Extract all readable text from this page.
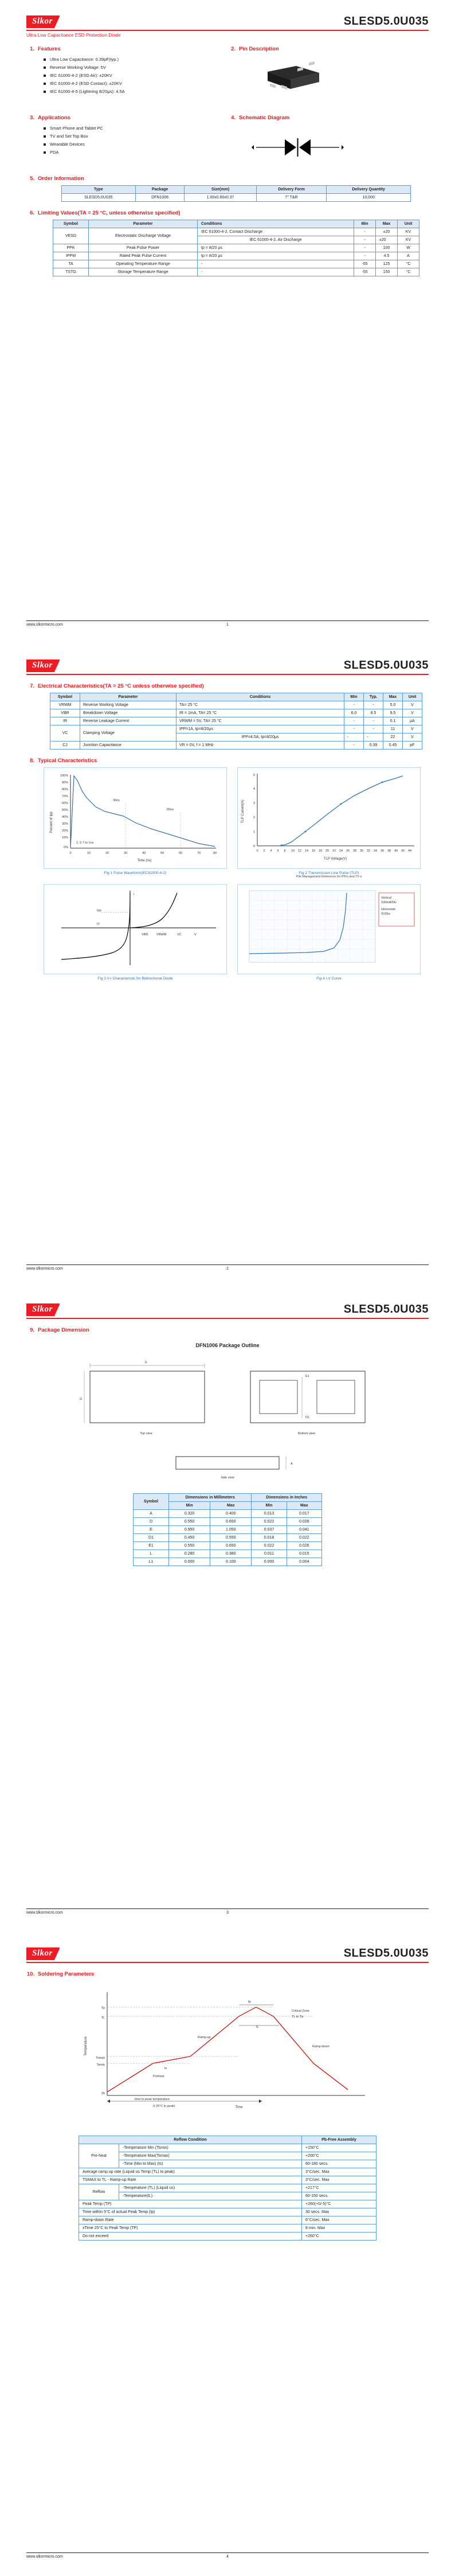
Slkor	SLESD5.0U035
Ultra Low Capacitance ESD Protection Diode
1. Features
Ultra Low Capacitance: 0.39pF(typ.)
Reverse Working Voltage: 5V
IEC 61000-4-2 (ESD Air): ±20KV
IEC 61000-4-2 (ESD Contact): ±20KV
IEC 61000-4-5 (Lightning 8/20μs): 4.5A
2. Pin Description
3. Applications
Smart Phone and Tablet PC
TV and Set Top Box
Wearable Devices
PDA
4. Schematic Diagram
5. Order Information
Type	Package	Size(mm)	Delivery Form	Delivery Quantity
SLESD5.0U035	DFN1006	1.00x0.60x0.37	7" T&R	10,000
6. Limiting Values(TA = 25 °C, unless otherwise specified)
Symbol	Parameter	Conditions	Min	Max	Unit
VESD	Electrostatic Discharge Voltage	IEC 61000-4-2, Contact Discharge	-	±20	KV
		IEC 61000-4-2, Air Discharge	-	±20	KV
PPK	Peak Pulse Power	tp = 8/20 μs	-	100	W
IPPM	Rated Peak Pulse Current	tp = 8/20 μs	-	4.5	A
TA	Operating Temperature Range	-	-55	125	°C
TSTG	Storage Temperature Range	-	-55	150	°C
www.slkormicro.com	1
Slkor	SLESD5.0U035
7. Electrical Characteristics(TA = 25 °C unless otherwise specified)
Symbol	Parameter	Conditions	Min	Typ.	Max	Unit
VRWM	Reverse Working Voltage	TA= 25 °C	-	-	5.0	V
VBR	Breakdown Voltage	IR = 1mA, TA= 25 °C	6.0	8.5	9.5	V
IR	Reverse Leakage Current	VRWM = 5V, TA= 25 °C	-	-	0.1	μA
VC	Clamping Voltage	IPP=1A, tp=8/20μs	-	-	11	V
		IPP=4.5A, tp=8/20μs	-	-	22	V
CJ	Junction Capacitance	VR = 0V, f = 1 MHz	-	0.39	0.45	pF
8. Typical Characteristics
100%
90%
80%
70%
60%
50%
40%
30%
20%
10%
0%
0	10	20	30	40	50	60	70	80
Time (ns)
Percent of Ipp
30ns
60ns
1, 0.7 to 1ns
Fig 1 Pulse Waveform(IEC61000-4-2)
5
4
3
2
1
0
0 2 4 6 8 10 12 14 16 18 20 22 24 26 28 30 32 34 36 38 40 42 44
TLP Voltage(V)
TLP Current(A)
Fig 2 Transmission Line Pulse (TLP)
Pile Management Reference for PPm and TV-s
Ipp
IT
VBR	VRWM	VC	V
I
Fig 3 V-I Characteristic for Bidirectional Diode
Vertical
100mA/Div
Horizontal
2V/Div
Fig 4 I-V Curve
www.slkormicro.com	2
Slkor	SLESD5.0U035
9. Package Dimension
DFN1006 Package Outline
E
D
Top view
E1
D1
Bottom view
A
Side view
Symbol	Dimensions in Millimeters		Dimensions in Inches	
	Min	Max	Min	Max
A	0.320	0.400	0.013	0.017
D	0.550	0.650	0.022	0.026
E	0.950	1.050	0.037	0.041
D1	0.450	0.550	0.018	0.022
E1	0.550	0.650	0.022	0.026
L	0.280	0.380	0.011	0.015
L1	0.000	0.100	0.000	0.004
www.slkormicro.com	3
Slkor	SLESD5.0U035
10. Soldering Parameters
Temperature
Time
Tp
TL
Tsmax
Tsmin
25
tp
Critical Zone
TL to Tp
Ramp-up
Ramp-down
Preheat
ts
tL
time to peak temperature
(t 25°C to peak)
Reflow Condition		Pb-Free Assembly
Pre-heat	-Temperature Min (Tsmin)	+150°C
	-Temperature Max(Tsmax)	+200°C
	-Time (Min to Max) (ts)	60-180 secs.
Average ramp up rate (Liquid us Temp (TL) to peak)		3°C/sec. Max
TSMAX to TL - Ramp-up Rate		3°C/sec. Max
Reflow	-Temperature (TL) (Liquid us)	+217°C
	-Temperature(tL)	60-150 secs.
Peak Temp (TP)		+260(+0/-5)°C
Time within 5°C of actual Peak Temp (tp)		30 secs. Max
Ramp-down Rate		6°C/sec. Max
xTime 25°C to Peak Temp (TP)		8 min. Max
Do not exceed		+260°C
www.slkormicro.com	4
